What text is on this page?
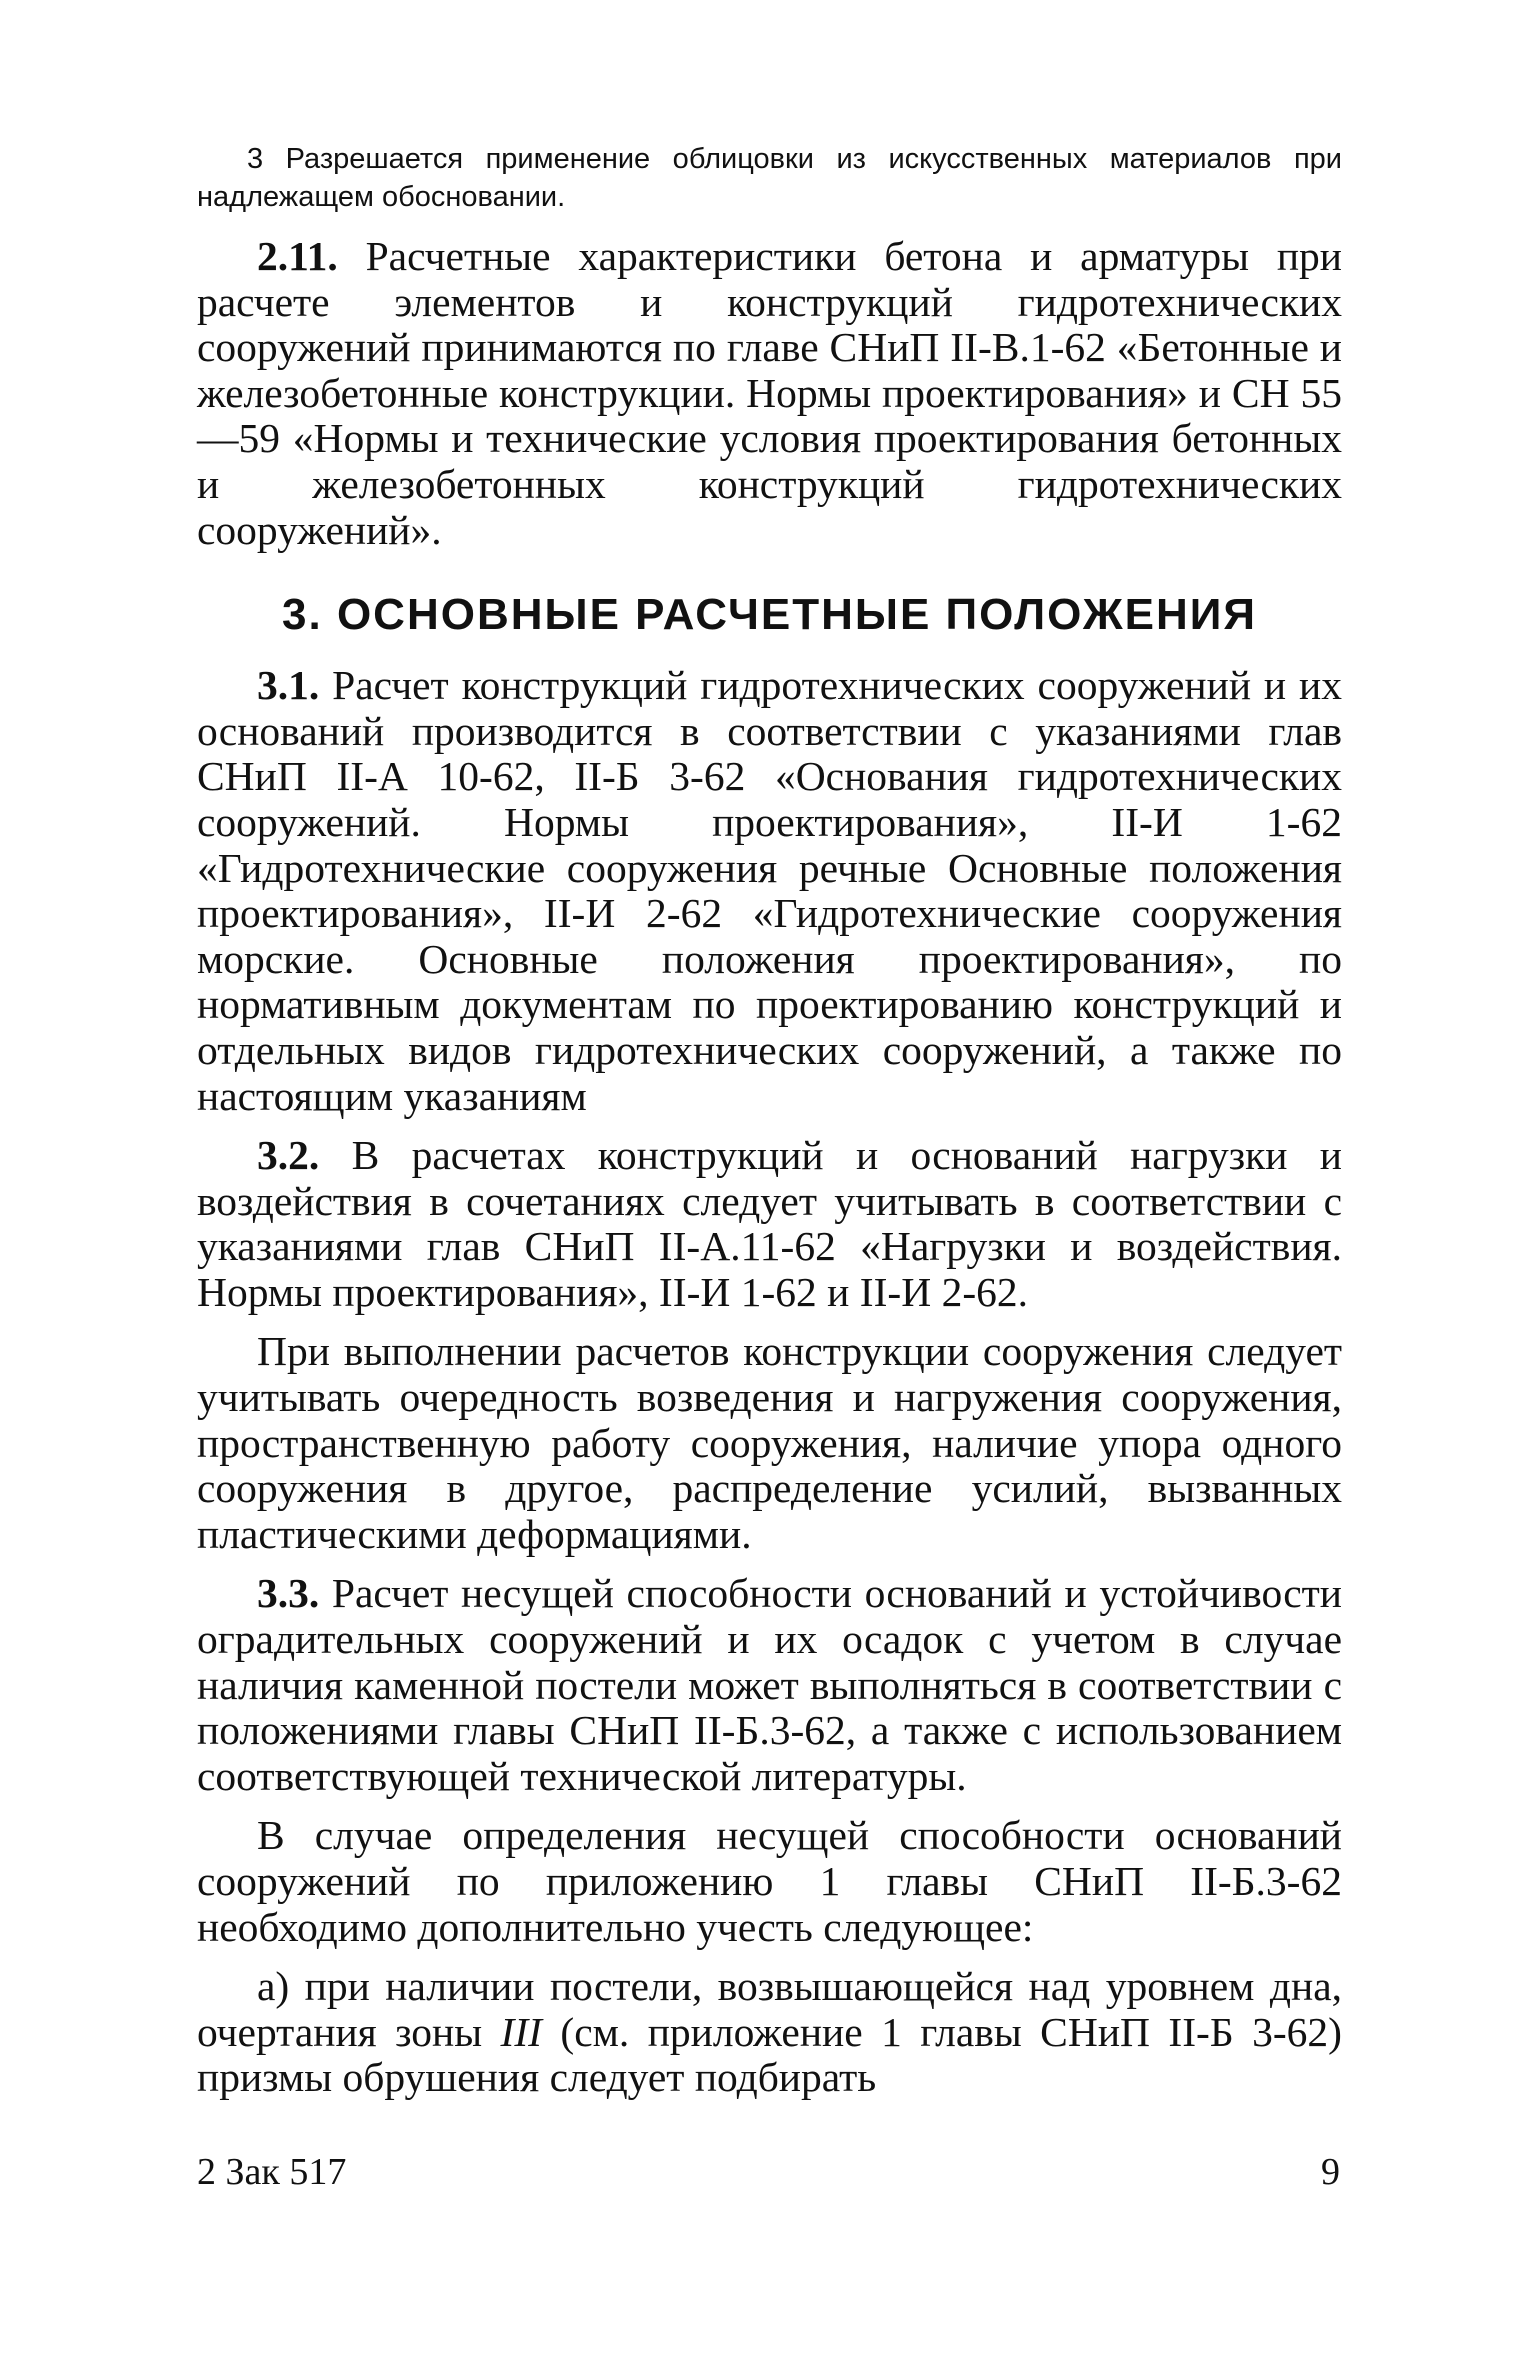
3 Разрешается применение облицовки из искусственных материалов при надлежащем обосновании.

2.11. Расчетные характеристики бетона и арматуры при расчете элементов и конструкций гидротехнических сооружений принимаются по главе СНиП II-В.1-62 «Бетонные и железобетонные конструкции. Нормы проектирования» и СН 55—59 «Нормы и технические условия проектирования бетонных и железобетонных конструкций гидротехнических сооружений».

3. ОСНОВНЫЕ РАСЧЕТНЫЕ ПОЛОЖЕНИЯ

3.1. Расчет конструкций гидротехнических сооружений и их оснований производится в соответствии с указаниями глав СНиП II-А 10-62, II-Б 3-62 «Основания гидротехнических сооружений. Нормы проектирования», II-И 1-62 «Гидротехнические сооружения речные Основные положения проектирования», II-И 2-62 «Гидротехнические сооружения морские. Основные положения проектирования», по нормативным документам по проектированию конструкций и отдельных видов гидротехнических сооружений, а также по настоящим указаниям

3.2. В расчетах конструкций и оснований нагрузки и воздействия в сочетаниях следует учитывать в соответствии с указаниями глав СНиП II-А.11-62 «Нагрузки и воздействия. Нормы проектирования», II-И 1-62 и II-И 2-62.

При выполнении расчетов конструкции сооружения следует учитывать очередность возведения и нагружения сооружения, пространственную работу сооружения, наличие упора одного сооружения в другое, распределение усилий, вызванных пластическими деформациями.

3.3. Расчет несущей способности оснований и устойчивости оградительных сооружений и их осадок с учетом в случае наличия каменной постели может выполняться в соответствии с положениями главы СНиП II-Б.3-62, а также с использованием соответствующей технической литературы.

В случае определения несущей способности оснований сооружений по приложению 1 главы СНиП II-Б.3-62 необходимо дополнительно учесть следующее:

а) при наличии постели, возвышающейся над уровнем дна, очертания зоны III (см. приложение 1 главы СНиП II-Б 3-62) призмы обрушения следует подбирать

2 Зак 517	9
